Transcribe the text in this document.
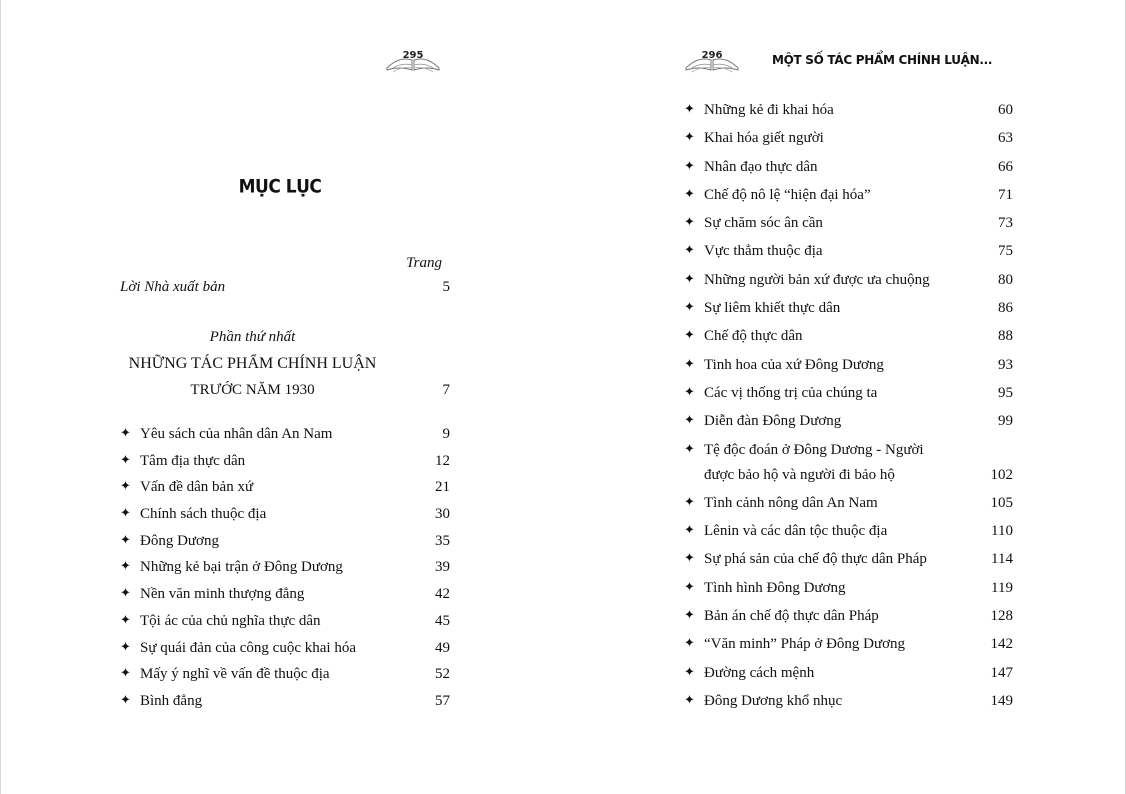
295
MỤC LỤC
Trang
Lời Nhà xuất bản	5
Phần thứ nhất
NHỮNG TÁC PHẨM CHÍNH LUẬN
TRƯỚC NĂM 1930	7
✦ Yêu sách của nhân dân An Nam	9
✦ Tâm địa thực dân	12
✦ Vấn đề dân bản xứ	21
✦ Chính sách thuộc địa	30
✦ Đông Dương	35
✦ Những kẻ bại trận ở Đông Dương	39
✦ Nền văn minh thượng đẳng	42
✦ Tội ác của chủ nghĩa thực dân	45
✦ Sự quái đản của công cuộc khai hóa	49
✦ Mấy ý nghĩ về vấn đề thuộc địa	52
✦ Bình đẳng	57
296	MỘT SỐ TÁC PHẨM CHÍNH LUẬN...
✦ Những kẻ đi khai hóa	60
✦ Khai hóa giết người	63
✦ Nhân đạo thực dân	66
✦ Chế độ nô lệ “hiện đại hóa”	71
✦ Sự chăm sóc ân cần	73
✦ Vực thẳm thuộc địa	75
✦ Những người bản xứ được ưa chuộng	80
✦ Sự liêm khiết thực dân	86
✦ Chế độ thực dân	88
✦ Tinh hoa của xứ Đông Dương	93
✦ Các vị thống trị của chúng ta	95
✦ Diễn đàn Đông Dương	99
✦ Tệ độc đoán ở Đông Dương - Người
được bảo hộ và người đi bảo hộ	102
✦ Tình cảnh nông dân An Nam	105
✦ Lênin và các dân tộc thuộc địa	110
✦ Sự phá sản của chế độ thực dân Pháp	114
✦ Tình hình Đông Dương	119
✦ Bản án chế độ thực dân Pháp	128
✦ “Văn minh” Pháp ở Đông Dương	142
✦ Đường cách mệnh	147
✦ Đông Dương khổ nhục	149
